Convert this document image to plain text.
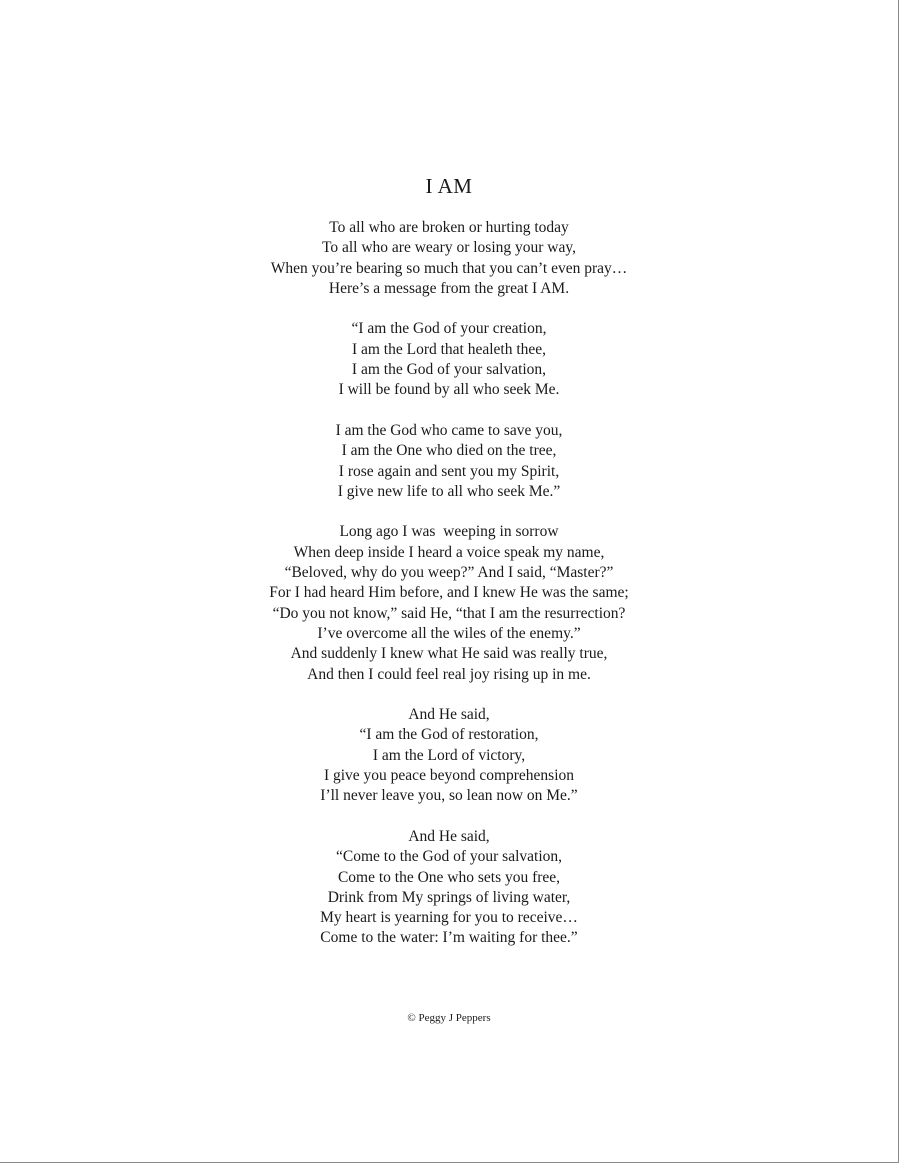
I AM
To all who are broken or hurting today
To all who are weary or losing your way,
When you’re bearing so much that you can’t even pray…
Here’s a message from the great I AM.
“I am the God of your creation,
I am the Lord that healeth thee,
I am the God of your salvation,
I will be found by all who seek Me.
I am the God who came to save you,
I am the One who died on the tree,
I rose again and sent you my Spirit,
I give new life to all who seek Me.”
Long ago I was  weeping in sorrow
When deep inside I heard a voice speak my name,
“Beloved, why do you weep?” And I said, “Master?”
For I had heard Him before, and I knew He was the same;
“Do you not know,” said He, “that I am the resurrection?
I’ve overcome all the wiles of the enemy.”
And suddenly I knew what He said was really true,
And then I could feel real joy rising up in me.
And He said,
“I am the God of restoration,
I am the Lord of victory,
I give you peace beyond comprehension
I’ll never leave you, so lean now on Me.”
And He said,
“Come to the God of your salvation,
Come to the One who sets you free,
Drink from My springs of living water,
My heart is yearning for you to receive…
Come to the water: I’m waiting for thee.”
© Peggy J Peppers
